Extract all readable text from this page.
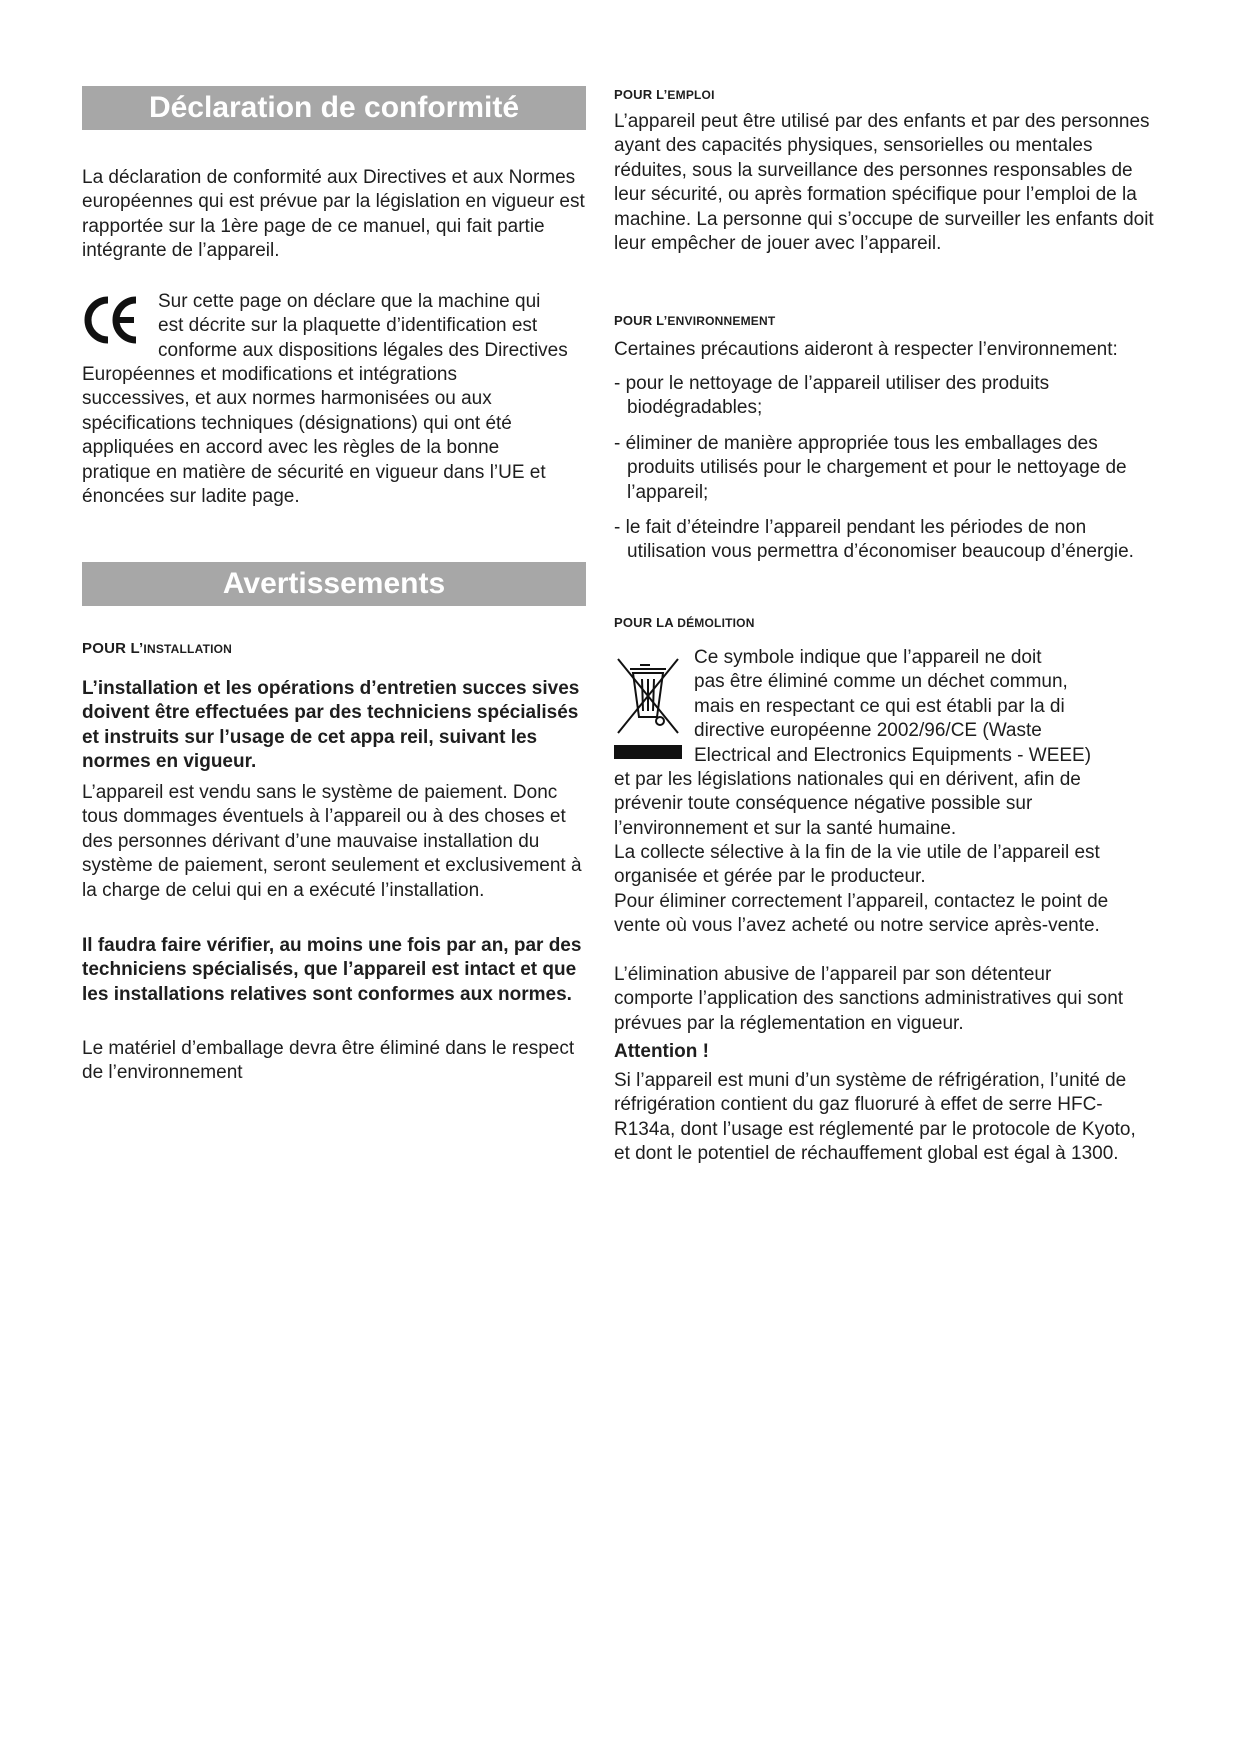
Déclaration de conformité

La déclaration de conformité aux Directives et aux Normes européennes qui est prévue par la législation en vigueur est rapportée sur la 1ère page de ce manuel, qui fait partie intégrante de l’appareil.

Sur cette page on déclare que la machine qui
est décrite sur la plaquette d’identification est
conforme aux dispositions légales des Directives

Européennes et modifications et intégrations successives, et aux normes harmonisées ou aux spécifications techniques (désignations) qui ont été appliquées en accord avec les règles de la bonne pratique en matière de sécurité en vigueur dans l’UE et énoncées sur ladite page.

Avertissements

POUR L’INSTALLATION

L’installation et les opérations d’entretien succes sives doivent être effectuées par des techniciens spécialisés et instruits sur l’usage de cet appa reil, suivant les normes en vigueur.

L’appareil est vendu sans le système de paiement. Donc tous dommages éventuels à l’appareil ou à des choses et des personnes dérivant d’une mauvaise installation du système de paiement, seront seulement et exclusivement à la charge de celui qui en a exécuté l’installation.

Il faudra faire vérifier, au moins une fois par an, par des techniciens spécialisés, que l’appareil est intact et que les installations relatives sont conformes aux normes.

Le matériel d’emballage devra être éliminé dans le respect de l’environnement

POUR L’EMPLOI

L’appareil peut être utilisé par des enfants et par des personnes ayant des capacités physiques, sensorielles ou mentales réduites, sous la surveillance des personnes responsables de leur sécurité, ou après formation spécifique pour l’emploi de la machine. La personne qui s’occupe de surveiller les enfants doit leur empêcher de jouer avec l’appareil.

POUR L’ENVIRONNEMENT

Certaines précautions aideront à respecter l’environnement:

- pour le nettoyage de l’appareil utiliser des produits biodégradables;

- éliminer de manière appropriée tous les emballages des produits utilisés pour le chargement et pour le nettoyage de l’appareil;

- le fait d’éteindre l’appareil pendant les périodes de non utilisation vous permettra d’économiser beaucoup d’énergie.

POUR LA DÉMOLITION

Ce symbole indique que l’appareil ne doit
pas être éliminé comme un déchet commun,
mais en respectant ce qui est établi par la di
directive européenne 2002/96/CE (Waste
Electrical and Electronics Equipments - WEEE)

et par les législations nationales qui en dérivent, afin de prévenir toute conséquence négative possible sur l’environnement et sur la santé humaine.

La collecte sélective à la fin de la vie utile de l’appareil est organisée et gérée par le producteur.

Pour éliminer correctement l’appareil, contactez le point de vente où vous l’avez acheté ou notre service après-vente.

L’élimination abusive de l’appareil par son détenteur comporte l’application des sanctions administratives qui sont prévues par la réglementation en vigueur.

Attention !

Si l’appareil est muni d’un système de réfrigération, l’unité de réfrigération contient du gaz fluoruré à effet de serre HFC-R134a, dont l’usage est réglementé par le protocole de Kyoto, et dont le potentiel de réchauffement global est égal à 1300.
